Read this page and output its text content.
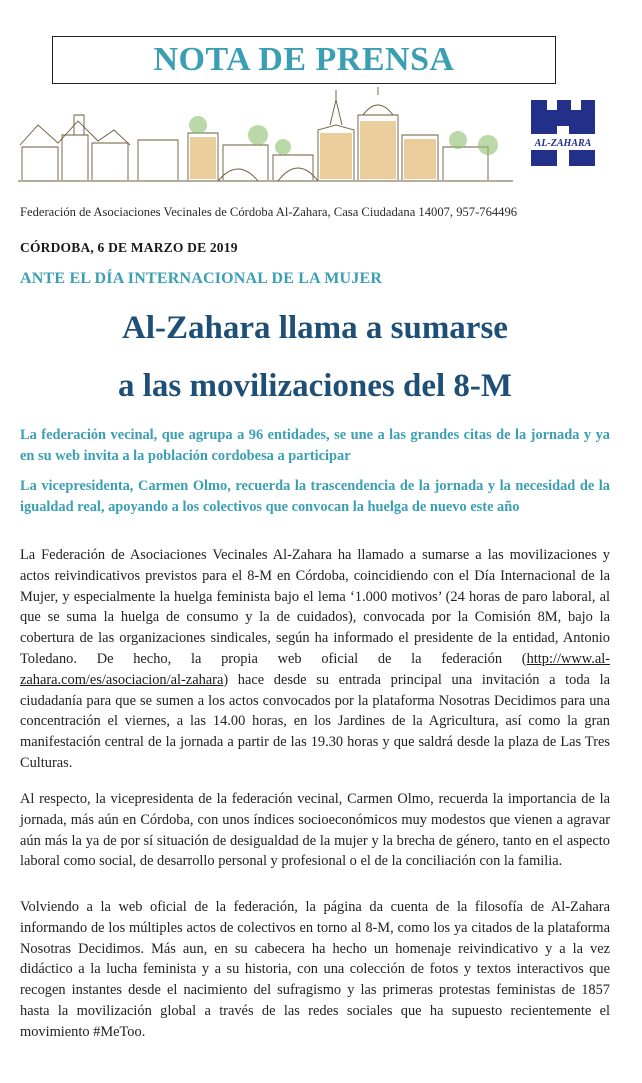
NOTA DE PRENSA
AL-ZAHARA
Federación de Asociaciones Vecinales de Córdoba Al-Zahara, Casa Ciudadana 14007, 957-764496
CÓRDOBA, 6 DE MARZO DE 2019
ANTE EL DÍA INTERNACIONAL DE LA MUJER
Al-Zahara llama a sumarse
a las movilizaciones del 8-M
La federación vecinal, que agrupa a 96 entidades, se une a las grandes citas de la jornada y ya en su web invita a la población cordobesa a participar
La vicepresidenta, Carmen Olmo, recuerda la trascendencia de la jornada y la necesidad de la igualdad real, apoyando a los colectivos que convocan la huelga de nuevo este año
La Federación de Asociaciones Vecinales Al-Zahara ha llamado a sumarse a las movilizaciones y actos reivindicativos previstos para el 8-M en Córdoba, coincidiendo con el Día Internacional de la Mujer, y especialmente la huelga feminista bajo el lema ‘1.000 motivos’ (24 horas de paro laboral, al que se suma la huelga de consumo y la de cuidados), convocada por la Comisión 8M, bajo la cobertura de las organizaciones sindicales, según ha informado el presidente de la entidad, Antonio Toledano. De hecho, la propia web oficial de la federación (http://www.al-zahara.com/es/asociacion/al-zahara) hace desde su entrada principal una invitación a toda la ciudadanía para que se sumen a los actos convocados por la plataforma Nosotras Decidimos para una concentración el viernes, a las 14.00 horas, en los Jardines de la Agricultura, así como la gran manifestación central de la jornada a partir de las 19.30 horas y que saldrá desde la plaza de Las Tres Culturas.
Al respecto, la vicepresidenta de la federación vecinal, Carmen Olmo, recuerda la importancia de la jornada, más aún en Córdoba, con unos índices socioeconómicos muy modestos que vienen a agravar aún más la ya de por sí situación de desigualdad de la mujer y la brecha de género, tanto en el aspecto laboral como social, de desarrollo personal y profesional o el de la conciliación con la familia.
Volviendo a la web oficial de la federación, la página da cuenta de la filosofía de Al-Zahara informando de los múltiples actos de colectivos en torno al 8-M, como los ya citados de la plataforma Nosotras Decidimos. Más aun, en su cabecera ha hecho un homenaje reivindicativo y a la vez didáctico a la lucha feminista y a su historia, con una colección de fotos y textos interactivos que recogen instantes desde el nacimiento del sufragismo y las primeras protestas feministas de 1857 hasta la movilización global a través de las redes sociales que ha supuesto recientemente el movimiento #MeToo.
